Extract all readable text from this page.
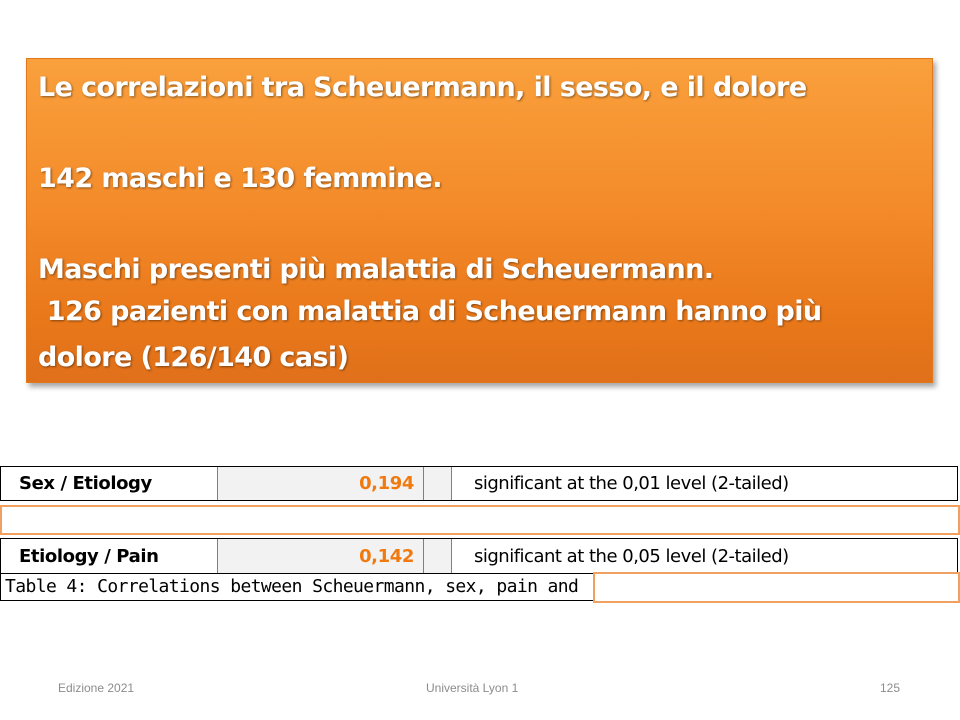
Le correlazioni tra Scheuermann, il sesso, e il dolore

142 maschi e 130 femmine.

Maschi presenti più malattia di Scheuermann.

126 pazienti con malattia di Scheuermann hanno più

dolore (126/140 casi)

Sex / Etiology	0,194	significant at the 0,01 level (2-tailed)
Etiology / Pain	0,142	significant at the 0,05 level (2-tailed)
Table 4: Correlations between Scheuermann, sex, pain and
Edizione 2021	Università Lyon 1	125
